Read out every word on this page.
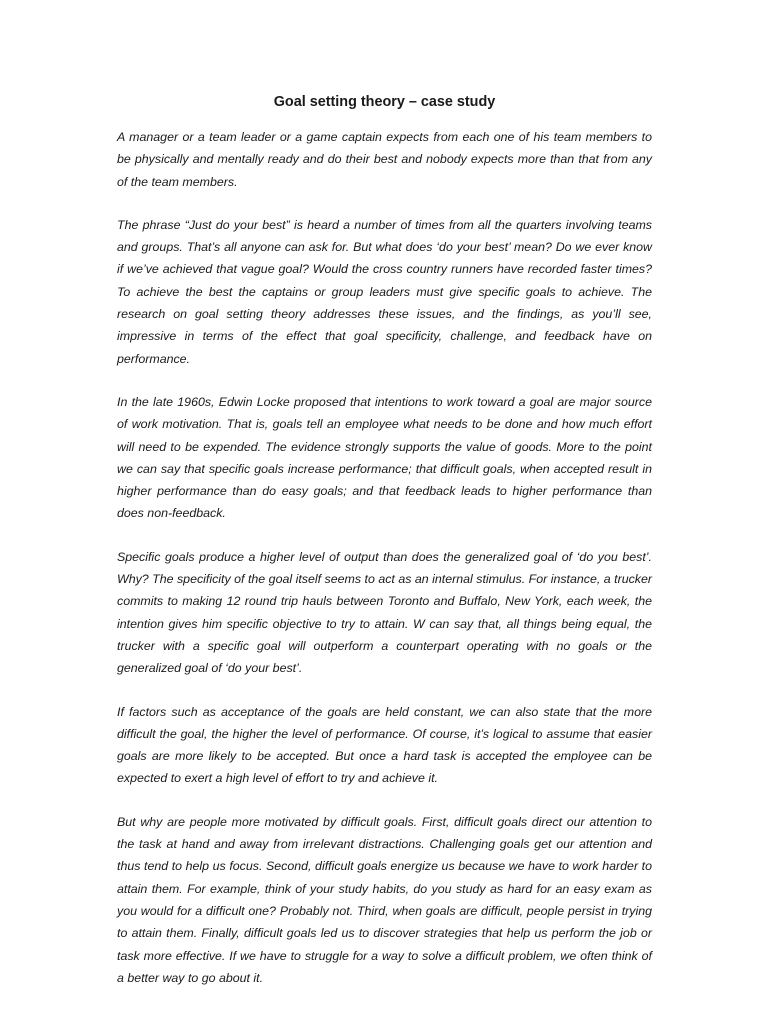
Goal setting theory – case study

A manager or a team leader or a game captain expects from each one of his team members to be physically and mentally ready and do their best and nobody expects more than that from any of the team members.

The phrase “Just do your best” is heard a number of times from all the quarters involving teams and groups. That’s all anyone can ask for. But what does ‘do your best’ mean? Do we ever know if we’ve achieved that vague goal? Would the cross country runners have recorded faster times? To achieve the best the captains or group leaders must give specific goals to achieve. The research on goal setting theory addresses these issues, and the findings, as you’ll see, impressive in terms of the effect that goal specificity, challenge, and feedback have on performance.

In the late 1960s, Edwin Locke proposed that intentions to work toward a goal are major source of work motivation. That is, goals tell an employee what needs to be done and how much effort will need to be expended. The evidence strongly supports the value of goods. More to the point we can say that specific goals increase performance; that difficult goals, when accepted result in higher performance than do easy goals; and that feedback leads to higher performance than does non-feedback.

Specific goals produce a higher level of output than does the generalized goal of ‘do you best’. Why? The specificity of the goal itself seems to act as an internal stimulus. For instance, a trucker commits to making 12 round trip hauls between Toronto and Buffalo, New York, each week, the intention gives him specific objective to try to attain. W can say that, all things being equal, the trucker with a specific goal will outperform a counterpart operating with no goals or the generalized goal of ‘do your best’.

If factors such as acceptance of the goals are held constant, we can also state that the more difficult the goal, the higher the level of performance. Of course, it’s logical to assume that easier goals are more likely to be accepted. But once a hard task is accepted the employee can be expected to exert a high level of effort to try and achieve it.

But why are people more motivated by difficult goals. First, difficult goals direct our attention to the task at hand and away from irrelevant distractions. Challenging goals get our attention and thus tend to help us focus. Second, difficult goals energize us because we have to work harder to attain them. For example, think of your study habits, do you study as hard for an easy exam as you would for a difficult one? Probably not. Third, when goals are difficult, people persist in trying to attain them. Finally, difficult goals led us to discover strategies that help us perform the job or task more effective. If we have to struggle for a way to solve a difficult problem, we often think of a better way to go about it.
